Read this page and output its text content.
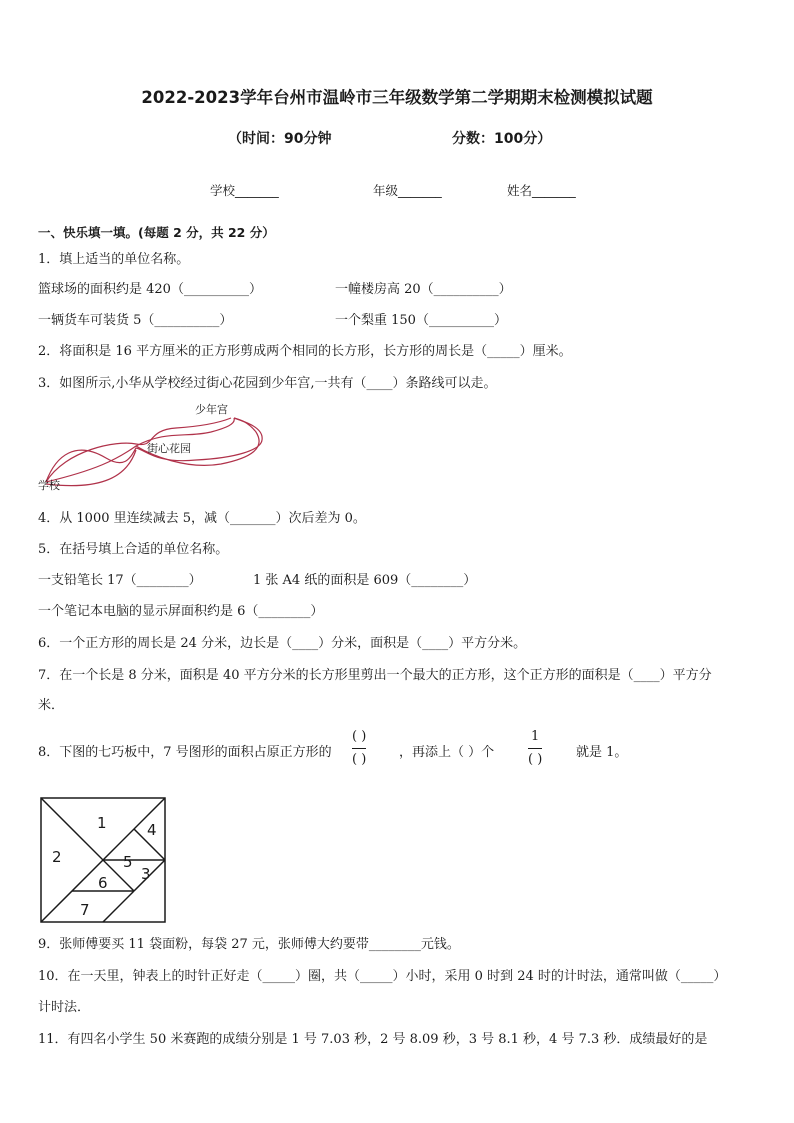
2022-2023学年台州市温岭市三年级数学第二学期期末检测模拟试题
（时间：90分钟	分数：100分）
学校_______	年级_______	姓名_______
一、快乐填一填。(每题 2 分，共 22 分）
1．填上适当的单位名称。
篮球场的面积约是 420（__________）	一幢楼房高 20（__________）
一辆货车可装货 5（__________）	一个梨重 150（__________）
2．将面积是 16 平方厘米的正方形剪成两个相同的长方形，长方形的周长是（_____）厘米。
3．如图所示,小华从学校经过街心花园到少年宫,一共有（____）条路线可以走。
少年宫
街心花园
学校
4．从 1000 里连续减去 5，减（_______）次后差为 0。
5．在括号填上合适的单位名称。
一支铅笔长 17（________）	1 张 A4 纸的面积是 609（________）
一个笔记本电脑的显示屏面积约是 6（________）
6．一个正方形的周长是 24 分米，边长是（____）分米，面积是（____）平方分米。
7．在一个长是 8 分米，面积是 40 平方分米的长方形里剪出一个最大的正方形，这个正方形的面积是（____）平方分
米．
8．下图的七巧板中，7 号图形的面积占原正方形的
( )
( )	，再添上（ ）个
1
( )	就是 1。
1
2
3
4
5
6
7
9．张师傅要买 11 袋面粉，每袋 27 元，张师傅大约要带________元钱。
10．在一天里，钟表上的时针正好走（_____）圈，共（_____）小时，采用 0 时到 24 时的计时法，通常叫做（_____）
计时法．
11．有四名小学生 50 米赛跑的成绩分别是 1 号 7.03 秒，2 号 8.09 秒，3 号 8.1 秒，4 号 7.3 秒．成绩最好的是
